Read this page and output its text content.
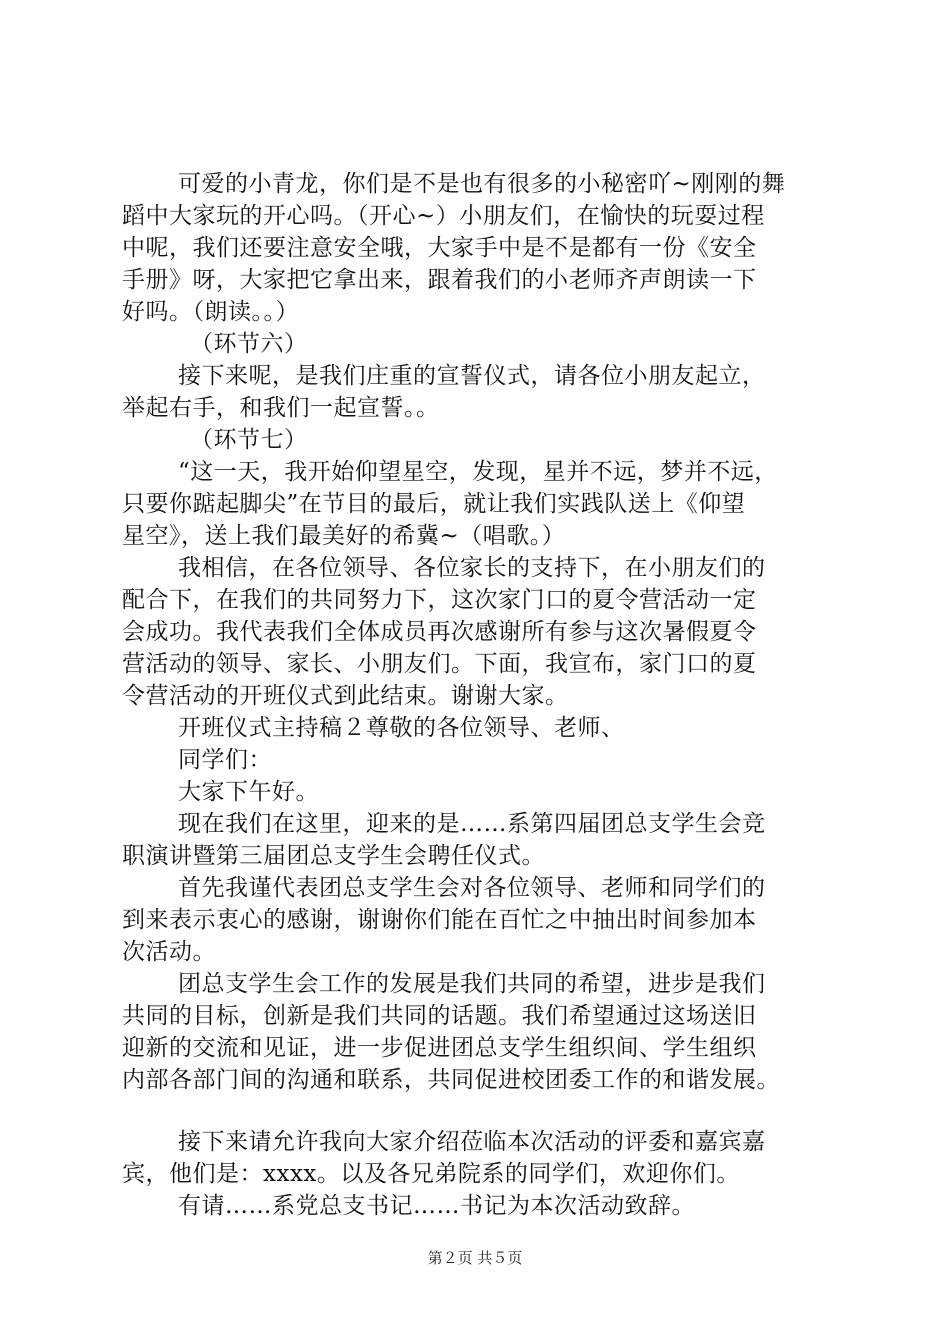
可爱的小青龙，你们是不是也有很多的小秘密吖~刚刚的舞
蹈中大家玩的开心吗。（开心~）小朋友们，在愉快的玩耍过程
中呢，我们还要注意安全哦，大家手中是不是都有一份《安全
手册》呀，大家把它拿出来，跟着我们的小老师齐声朗读一下
好吗。（朗读。。）
（环节六）
接下来呢，是我们庄重的宣誓仪式，请各位小朋友起立，
举起右手，和我们一起宣誓。。
（环节七）
“这一天，我开始仰望星空，发现，星并不远，梦并不远，
只要你踮起脚尖”在节目的最后，就让我们实践队送上《仰望
星空》，送上我们最美好的希冀~（唱歌。）
我相信，在各位领导、各位家长的支持下，在小朋友们的
配合下，在我们的共同努力下，这次家门口的夏令营活动一定
会成功。我代表我们全体成员再次感谢所有参与这次暑假夏令
营活动的领导、家长、小朋友们。下面，我宣布，家门口的夏
令营活动的开班仪式到此结束。谢谢大家。
开班仪式主持稿２尊敬的各位领导、老师、
同学们：
大家下午好。
现在我们在这里，迎来的是……系第四届团总支学生会竞
职演讲暨第三届团总支学生会聘任仪式。
首先我谨代表团总支学生会对各位领导、老师和同学们的
到来表示衷心的感谢，谢谢你们能在百忙之中抽出时间参加本
次活动。
团总支学生会工作的发展是我们共同的希望，进步是我们
共同的目标，创新是我们共同的话题。我们希望通过这场送旧
迎新的交流和见证，进一步促进团总支学生组织间、学生组织
内部各部门间的沟通和联系，共同促进校团委工作的和谐发展。
接下来请允许我向大家介绍莅临本次活动的评委和嘉宾嘉
宾，他们是：xxxx。以及各兄弟院系的同学们，欢迎你们。
有请……系党总支书记……书记为本次活动致辞。
第２页 共５页
